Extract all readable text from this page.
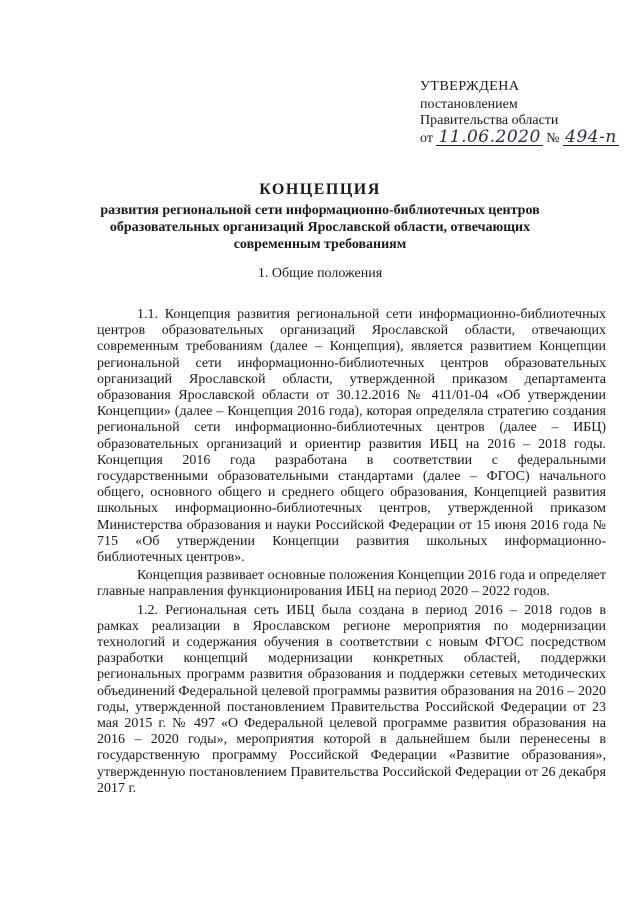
УТВЕРЖДЕНА
постановлением
Правительства области
от 11.06.2020 № 494-п
КОНЦЕПЦИЯ
развития региональной сети информационно-библиотечных центров образовательных организаций Ярославской области, отвечающих современным требованиям
1. Общие положения

1.1. Концепция развития региональной сети информационно-библиотечных центров образовательных организаций Ярославской области, отвечающих современным требованиям (далее – Концепция), является развитием Концепции региональной сети информационно-библиотечных центров образовательных организаций Ярославской области, утвержденной приказом департамента образования Ярославской области от 30.12.2016 № 411/01-04 «Об утверждении Концепции» (далее – Концепция 2016 года), которая определяла стратегию создания региональной сети информационно-библиотечных центров (далее – ИБЦ) образовательных организаций и ориентир развития ИБЦ на 2016 – 2018 годы. Концепция 2016 года разработана в соответствии с федеральными государственными образовательными стандартами (далее – ФГОС) начального общего, основного общего и среднего общего образования, Концепцией развития школьных информационно-библиотечных центров, утвержденной приказом Министерства образования и науки Российской Федерации от 15 июня 2016 года № 715 «Об утверждении Концепции развития школьных информационно-библиотечных центров».

Концепция развивает основные положения Концепции 2016 года и определяет главные направления функционирования ИБЦ на период 2020 – 2022 годов.

1.2. Региональная сеть ИБЦ была создана в период 2016 – 2018 годов в рамках реализации в Ярославском регионе мероприятия по модернизации технологий и содержания обучения в соответствии с новым ФГОС посредством разработки концепций модернизации конкретных областей, поддержки региональных программ развития образования и поддержки сетевых методических объединений Федеральной целевой программы развития образования на 2016 – 2020 годы, утвержденной постановлением Правительства Российской Федерации от 23 мая 2015 г. № 497 «О Федеральной целевой программе развития образования на 2016 – 2020 годы», мероприятия которой в дальнейшем были перенесены в государственную программу Российской Федерации «Развитие образования», утвержденную постановлением Правительства Российской Федерации от 26 декабря 2017 г.
